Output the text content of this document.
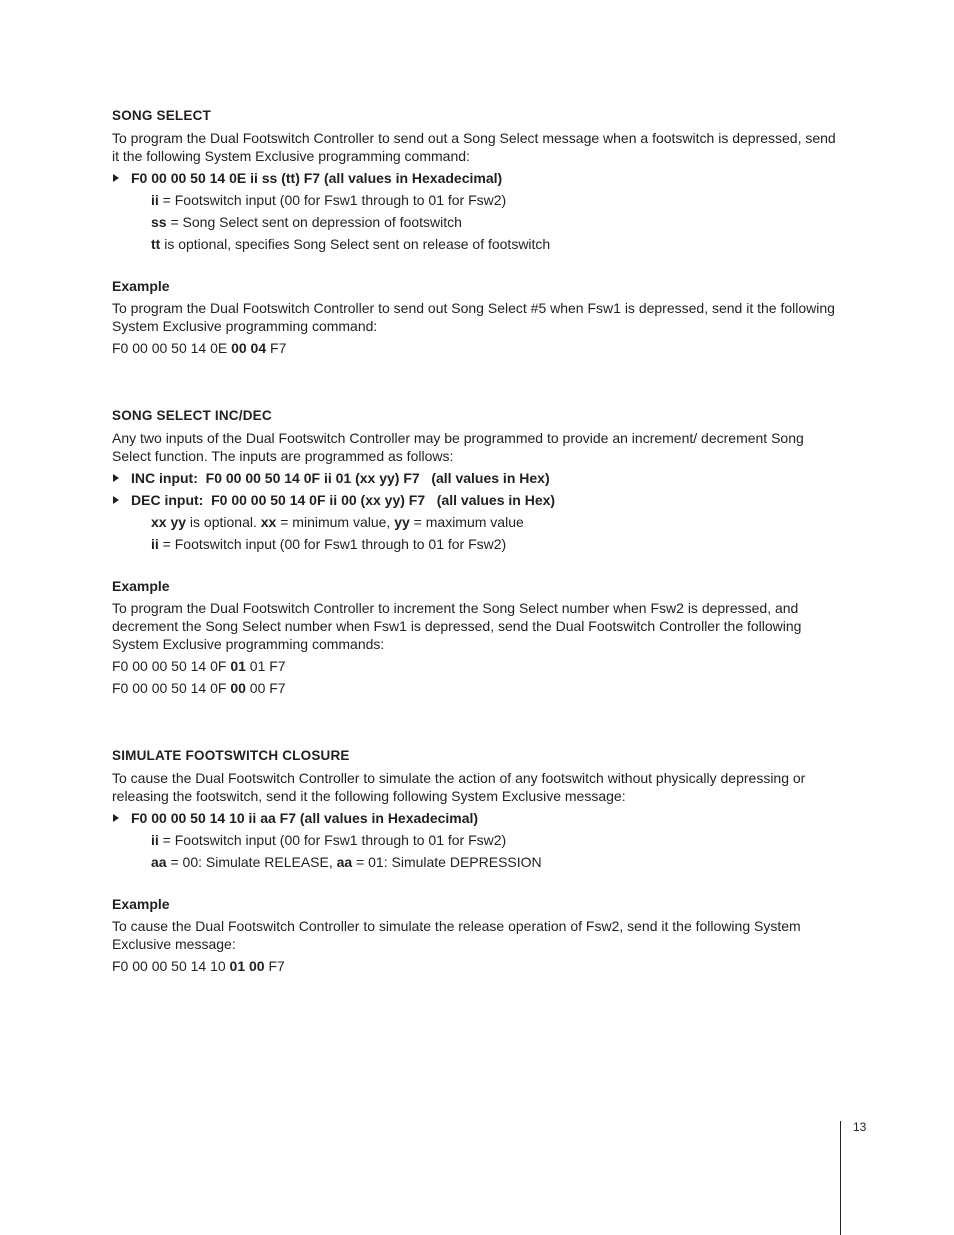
SONG SELECT
To program the Dual Footswitch Controller to send out a Song Select message when a footswitch is depressed, send it the following System Exclusive programming command:
F0 00 00 50 14 0E ii ss (tt) F7 (all values in Hexadecimal)
ii = Footswitch input (00 for Fsw1 through to 01 for Fsw2)
ss = Song Select sent on depression of footswitch
tt is optional, specifies Song Select sent on release of footswitch
Example
To program the Dual Footswitch Controller to send out Song Select #5 when Fsw1 is depressed, send it the following System Exclusive programming command:
F0 00 00 50 14 0E 00 04 F7
SONG SELECT INC/DEC
Any two inputs of the Dual Footswitch Controller may be programmed to provide an increment/ decrement Song Select function. The inputs are programmed as follows:
INC input:  F0 00 00 50 14 0F ii 01 (xx yy) F7   (all values in Hex)
DEC input:  F0 00 00 50 14 0F ii 00 (xx yy) F7   (all values in Hex)
xx yy is optional. xx = minimum value, yy = maximum value
ii = Footswitch input (00 for Fsw1 through to 01 for Fsw2)
Example
To program the Dual Footswitch Controller to increment the Song Select number when Fsw2 is depressed, and decrement the Song Select number when Fsw1 is depressed, send the Dual Footswitch Controller the following System Exclusive programming commands:
F0 00 00 50 14 0F 01 01 F7
F0 00 00 50 14 0F 00 00 F7
SIMULATE FOOTSWITCH CLOSURE
To cause the Dual Footswitch Controller to simulate the action of any footswitch without physically depressing or releasing the footswitch, send it the following following System Exclusive message:
F0 00 00 50 14 10 ii aa F7 (all values in Hexadecimal)
ii = Footswitch input (00 for Fsw1 through to 01 for Fsw2)
aa = 00: Simulate RELEASE, aa = 01: Simulate DEPRESSION
Example
To cause the Dual Footswitch Controller to simulate the release operation of Fsw2, send it the following System Exclusive message:
F0 00 00 50 14 10 01 00 F7
13
